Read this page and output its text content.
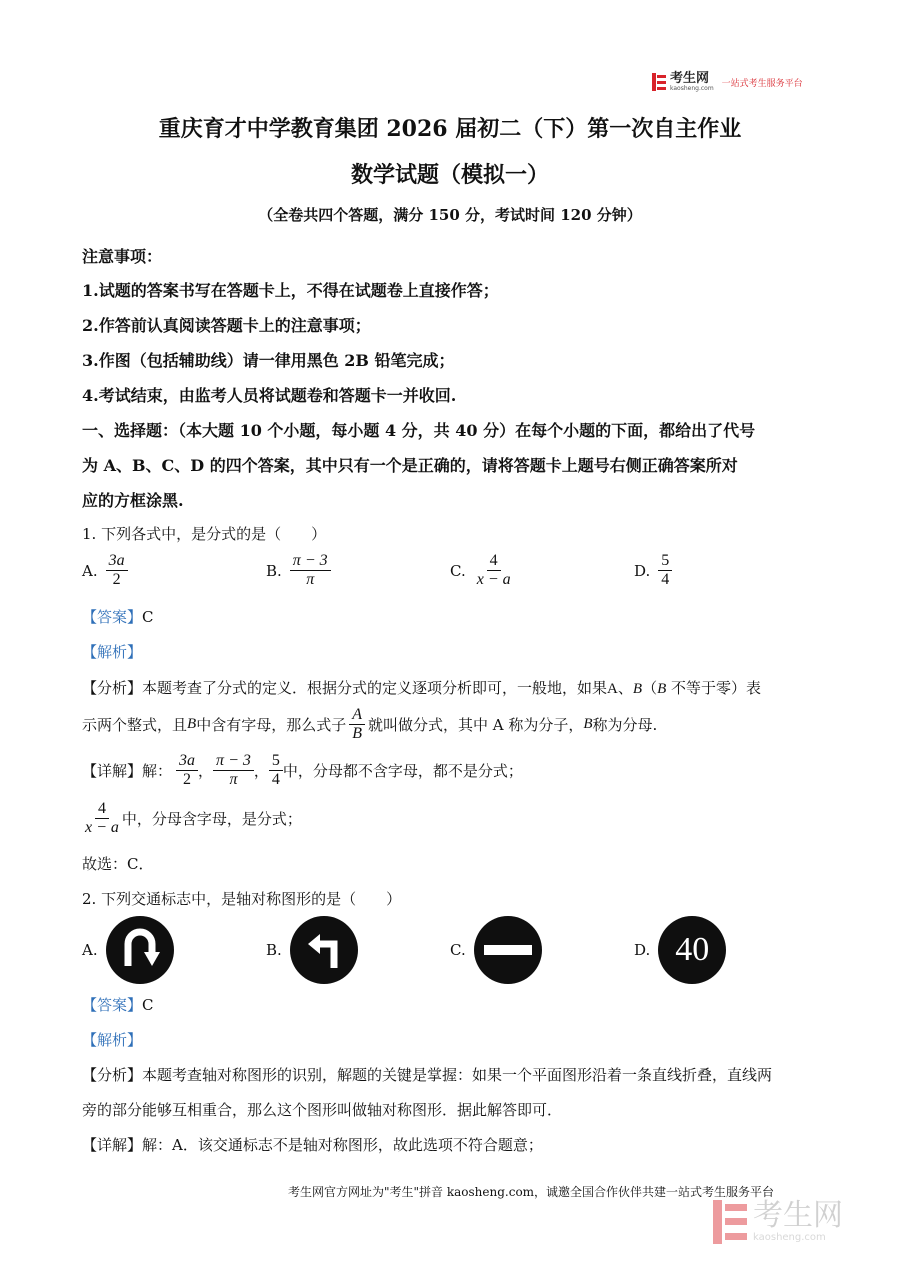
考生网
kaosheng.com 一站式考生服务平台
重庆育才中学教育集团 2026 届初二（下）第一次自主作业
数学试题（模拟一）
（全卷共四个答题，满分 150 分，考试时间 120 分钟）
注意事项：
1.试题的答案书写在答题卡上，不得在试题卷上直接作答；
2.作答前认真阅读答题卡上的注意事项；
3.作图（包括辅助线）请一律用黑色 2B 铅笔完成；
4.考试结束，由监考人员将试题卷和答题卡一并收回.
一、选择题：（本大题 10 个小题，每小题 4 分，共 40 分）在每个小题的下面，都给出了代号
为 A、B、C、D 的四个答案，其中只有一个是正确的，请将答题卡上题号右侧正确答案所对
应的方框涂黑.
1. 下列各式中，是分式的是（　　）
A. $\frac{3a}{2}$	B. $\frac{\pi - 3}{\pi}$	C. $\frac{4}{x - a}$	D. $\frac{5}{4}$
【答案】C
【解析】
【分析】本题考查了分式的定义．根据分式的定义逐项分析即可，一般地，如果A、B（B 不等于零）表
示两个整式，且 B 中含有字母，那么式子 $\frac{A}{B}$ 就叫做分式，其中 A 称为分子， B 称为分母.
【详解】 解： $\frac{3a}{2}$ ， $\frac{\pi - 3}{\pi}$ ， $\frac{5}{4}$ 中，分母都不含字母，都不是分式；
$\frac{4}{x - a}$ 中，分母含字母，是分式；
故选：C．
2. 下列交通标志中，是轴对称图形的是（　　）
A.	B.	C.	D. 40
【答案】C
【解析】
【分析】本题考查轴对称图形的识别，解题的关键是掌握：如果一个平面图形沿着一条直线折叠，直线两
旁的部分能够互相重合，那么这个图形叫做轴对称图形．据此解答即可．
【详解】解：A．该交通标志不是轴对称图形，故此选项不符合题意；
考生网官方网址为"考生"拼音 kaosheng.com，诚邀全国合作伙伴共建一站式考生服务平台
考生网
kaosheng.com
